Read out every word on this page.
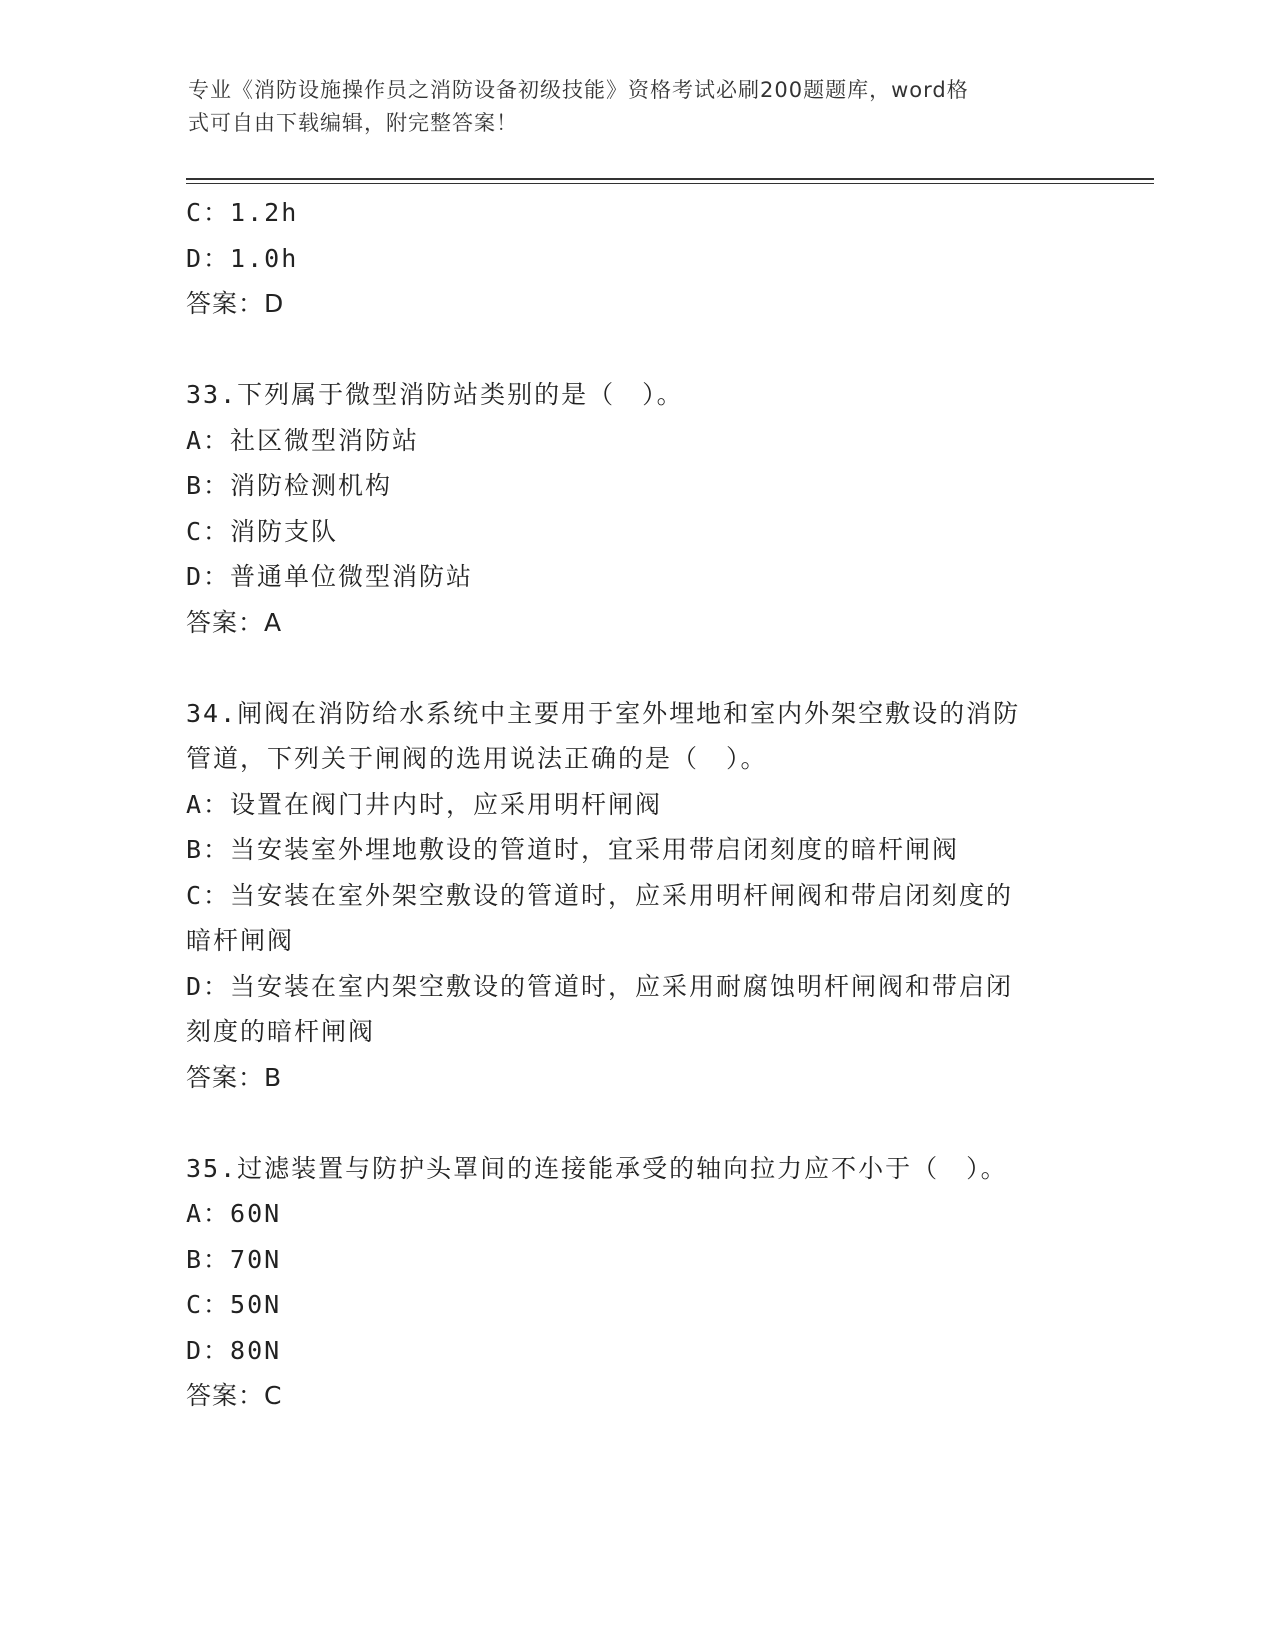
专业《消防设施操作员之消防设备初级技能》资格考试必刷200题题库，word格
式可自由下载编辑，附完整答案！
C：1.2h
D：1.0h
答案：D
33.下列属于微型消防站类别的是（　）。
A：社区微型消防站
B：消防检测机构
C：消防支队
D：普通单位微型消防站
答案：A
34.闸阀在消防给水系统中主要用于室外埋地和室内外架空敷设的消防
管道，下列关于闸阀的选用说法正确的是（　）。
A：设置在阀门井内时，应采用明杆闸阀
B：当安装室外埋地敷设的管道时，宜采用带启闭刻度的暗杆闸阀
C：当安装在室外架空敷设的管道时，应采用明杆闸阀和带启闭刻度的
暗杆闸阀
D：当安装在室内架空敷设的管道时，应采用耐腐蚀明杆闸阀和带启闭
刻度的暗杆闸阀
答案：B
35.过滤装置与防护头罩间的连接能承受的轴向拉力应不小于（　）。
A：60N
B：70N
C：50N
D：80N
答案：C
